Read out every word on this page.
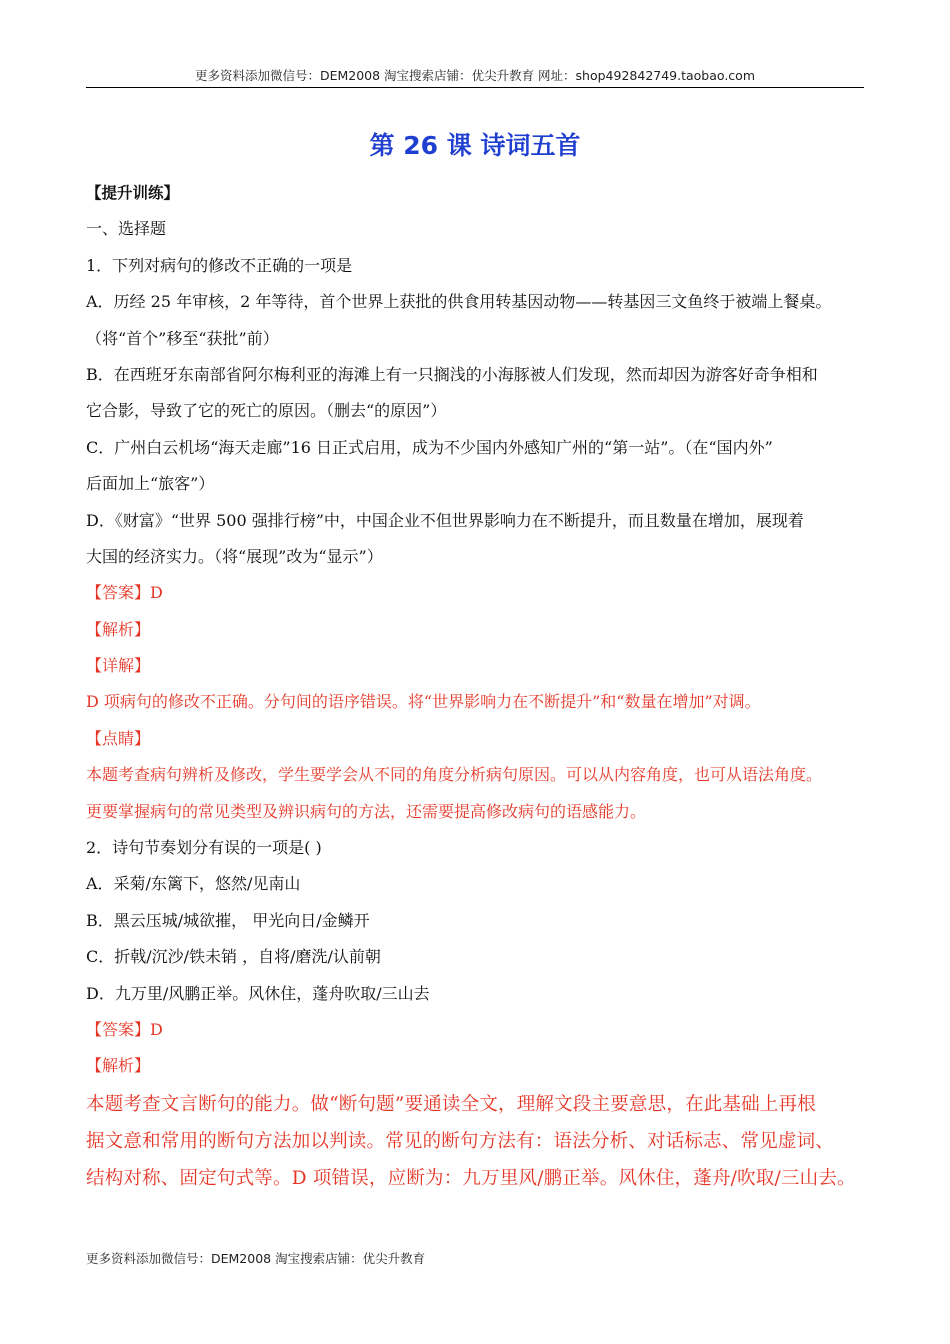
更多资料添加微信号：DEM2008 淘宝搜索店铺：优尖升教育 网址：shop492842749.taobao.com
第 26 课 诗词五首
【提升训练】
一、选择题
1．下列对病句的修改不正确的一项是
A．历经 25 年审核，2 年等待，首个世界上获批的供食用转基因动物——转基因三文鱼终于被端上餐桌。
（将“首个”移至“获批”前）
B．在西班牙东南部省阿尔梅利亚的海滩上有一只搁浅的小海豚被人们发现，然而却因为游客好奇争相和
它合影，导致了它的死亡的原因。（删去“的原因”）
C．广州白云机场“海天走廊”16 日正式启用，成为不少国内外感知广州的“第一站”。（在“国内外”
后面加上“旅客”）
D．《财富》“世界 500 强排行榜”中，中国企业不但世界影响力在不断提升，而且数量在增加，展现着
大国的经济实力。（将“展现”改为“显示”）
【答案】D
【解析】
【详解】
D 项病句的修改不正确。分句间的语序错误。将“世界影响力在不断提升”和“数量在增加”对调。
【点睛】
本题考查病句辨析及修改，学生要学会从不同的角度分析病句原因。可以从内容角度，也可从语法角度。
更要掌握病句的常见类型及辨识病句的方法，还需要提高修改病句的语感能力。
2．诗句节奏划分有误的一项是( )
A．采菊/东篱下，悠然/见南山
B．黑云压城/城欲摧， 甲光向日/金鳞开
C．折戟/沉沙/铁未销 ，自将/磨洗/认前朝
D．九万里/风鹏正举。风休住，蓬舟吹取/三山去
【答案】D
【解析】
本题考查文言断句的能力。做“断句题”要通读全文，理解文段主要意思，在此基础上再根
据文意和常用的断句方法加以判读。常见的断句方法有：语法分析、对话标志、常见虚词、
结构对称、固定句式等。D 项错误，应断为：九万里风/鹏正举。风休住，蓬舟/吹取/三山去。
更多资料添加微信号：DEM2008 淘宝搜索店铺：优尖升教育
